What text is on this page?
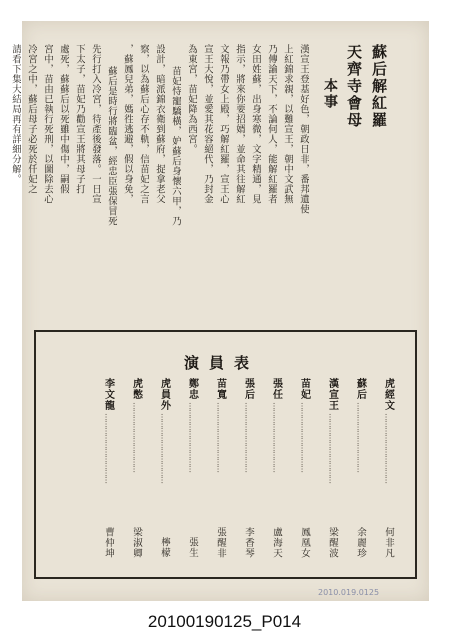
蘇后解紅羅
天齊寺會母
本事
漢宣王登基好色，朝政日非，番邦遺使
上紅錦求親，以難宣王，朝中文武無
乃傳諭天下，不論何人，能解紅羅者
女田姓蘇，出身寒微，文字精通，見
指示，將來你要招婿，並命其往解紅
文報乃帶女上殿，巧解紅羅，宣王心
宣王大悅，並愛其花容絕代，乃封金
為東宮，苗妃降為西宮。
苗妃恃寵驕橫，妒蘇后身懷六甲，乃
設計，暗派錦衣衛到蘇府，捉拿老父
察，以為蘇后心存不軌，信苗妃之言
，蘇鳳兒弟，媽徃逃避，假以身免，
蘇后是時行將臨盆，經忠臣張保冒死
先行打入冷宮，待產後發落。一日宣
下太子，苗妃乃勸宣王將其母子打
處死，蘇蘇后以死雖中傷中，嗣假
宮中，苗由已執行死刑，以圖除去心
冷宮之中，蘇后母子必死於仟妃之
請看下集大結局再有詳細分解。
演員表
虎經文
…………………………
何非凡
蘇后
…………………………
余麗珍
漢宣王
…………………………
梁醒波
苗妃
…………………………
鳳凰女
張任
…………………………
盧海天
張后
…………………………
李香琴
苗寬
…………………………
張醒非
鄭忠
…………………………
張生
虎員外
…………………………
檸檬
虎憋
…………………………
梁淑卿
李文龍
…………………………
曹仲坤
2010.019.0125
20100190125_P014
